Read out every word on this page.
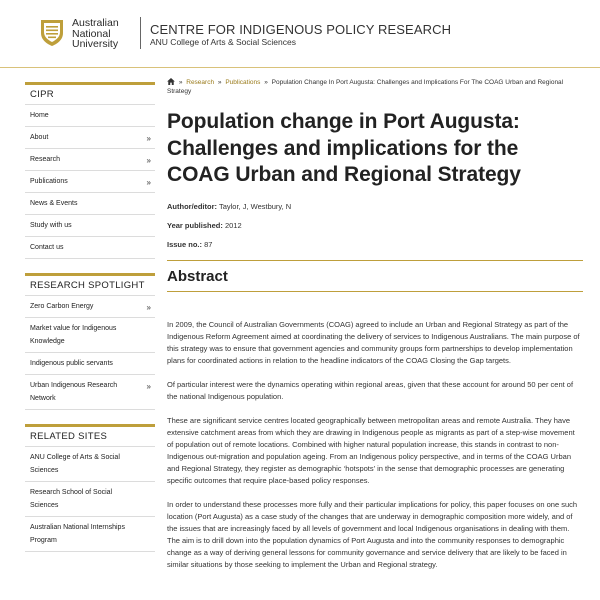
Australian
National
University
CENTRE FOR INDIGENOUS POLICY RESEARCH
ANU College of Arts & Social Sciences
CIPR
Home
About	»
Research	»
Publications	»
News & Events
Study with us
Contact us
RESEARCH SPOTLIGHT
Zero Carbon Energy	»
Market value for Indigenous Knowledge
Indigenous public servants
Urban Indigenous Research Network
»
RELATED SITES
ANU College of Arts & Social Sciences
Research School of Social Sciences
Australian National Internships Program
» Research » Publications » Population Change In Port Augusta: Challenges and Implications For The COAG Urban and Regional Strategy
Population change in Port Augusta: Challenges and implications for the COAG Urban and Regional Strategy
Author/editor: Taylor, J, Westbury, N
Year published: 2012
Issue no.: 87
Abstract

In 2009, the Council of Australian Governments (COAG) agreed to include an Urban and Regional Strategy as part of the Indigenous Reform Agreement aimed at coordinating the delivery of services to Indigenous Australians. The main purpose of this strategy was to ensure that government agencies and community groups form partnerships to develop implementation plans for coordinated actions in relation to the headline indicators of the COAG Closing the Gap targets.

Of particular interest were the dynamics operating within regional areas, given that these account for around 50 per cent of the national Indigenous population.

These are significant service centres located geographically between metropolitan areas and remote Australia. They have extensive catchment areas from which they are drawing in Indigenous people as migrants as part of a step-wise movement of population out of remote locations. Combined with higher natural population increase, this stands in contrast to non-Indigenous out-migration and population ageing. From an Indigenous policy perspective, and in terms of the COAG Urban and Regional Strategy, they register as demographic ‘hotspots’ in the sense that demographic processes are generating specific outcomes that require place-based policy responses.

In order to understand these processes more fully and their particular implications for policy, this paper focuses on one such location (Port Augusta) as a case study of the changes that are underway in demographic composition more widely, and of the issues that are increasingly faced by all levels of government and local Indigenous organisations in dealing with them. The aim is to drill down into the population dynamics of Port Augusta and into the community responses to demographic change as a way of deriving general lessons for community governance and service delivery that are likely to be faced in similar situations by those seeking to implement the Urban and Regional strategy.
